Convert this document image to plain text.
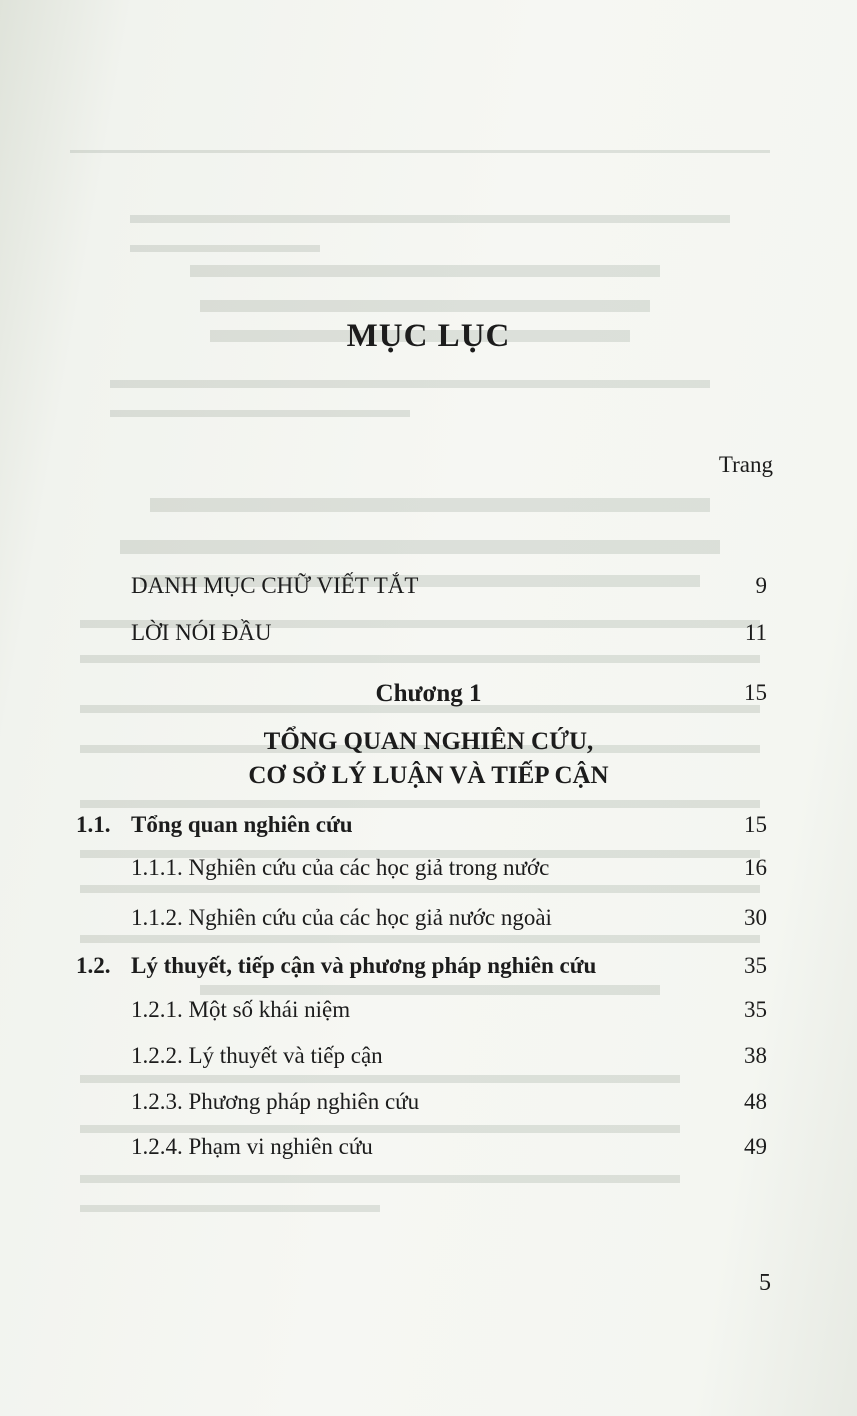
MỤC LỤC
Trang
DANH MỤC CHỮ VIẾT TẮT	9
LỜI NÓI ĐẦU	11
Chương 1	15
TỔNG QUAN NGHIÊN CỨU,
CƠ SỞ LÝ LUẬN VÀ TIẾP CẬN
1.1. Tổng quan nghiên cứu	15
1.1.1. Nghiên cứu của các học giả trong nước	16
1.1.2. Nghiên cứu của các học giả nước ngoài	30
1.2. Lý thuyết, tiếp cận và phương pháp nghiên cứu	35
1.2.1. Một số khái niệm	35
1.2.2. Lý thuyết và tiếp cận	38
1.2.3. Phương pháp nghiên cứu	48
1.2.4. Phạm vi nghiên cứu	49
5
